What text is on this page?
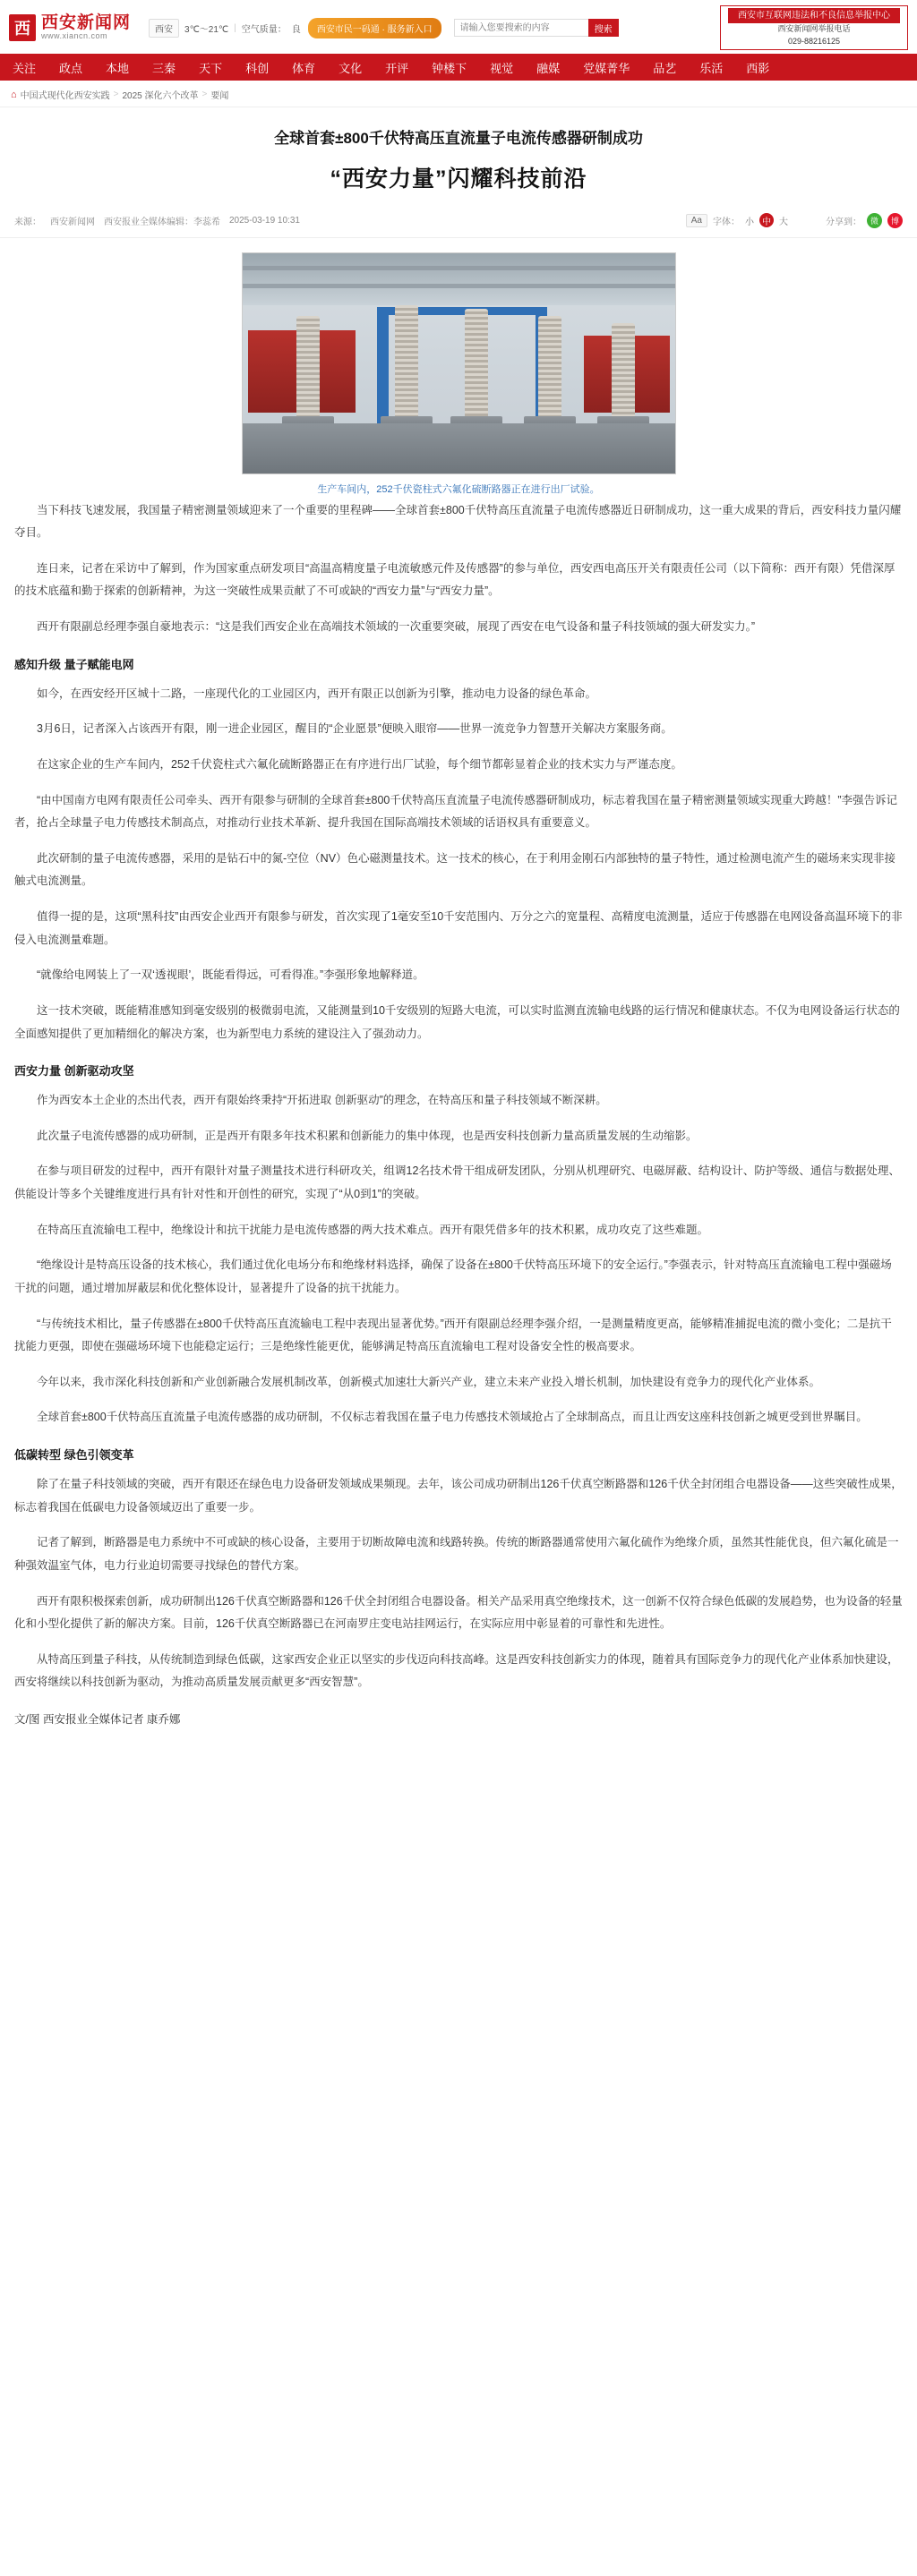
西 西安新闻网
www.xiancn.com
西安	3℃～21℃ | 空气质量： 良	西安市民一码通 · 服务新入口
请输入您要搜索的内容	搜索
西安市互联网违法和不良信息举报中心
西安新闻网举报电话
029-88216125
关注 政点 本地 三秦 天下 科创 体育 文化 开评 钟楼下 视觉 融媒 党媒菁华 品艺 乐活 西影
⌂ 中国式现代化西安实践 > 2025 深化六个改革 > 要闻
全球首套±800千伏特高压直流量子电流传感器研制成功
“西安力量”闪耀科技前沿
来源： 西安新闻网 西安报业全媒体编辑：李蕊希 2025-03-19 10:31	Aa	字体： 小 中 大	分享到：	微	博
生产车间内，252千伏瓷柱式六氟化硫断路器正在进行出厂试验。

当下科技飞速发展，我国量子精密测量领域迎来了一个重要的里程碑——全球首套±800千伏特高压直流量子电流传感器近日研制成功，这一重大成果的背后，西安科技力量闪耀夺目。

连日来，记者在采访中了解到，作为国家重点研发项目“高温高精度量子电流敏感元件及传感器”的参与单位，西安西电高压开关有限责任公司（以下简称：西开有限）凭借深厚的技术底蕴和勤于探索的创新精神，为这一突破性成果贡献了不可或缺的“西安力量”与“西安力量”。

西开有限副总经理李强自豪地表示：“这是我们西安企业在高端技术领域的一次重要突破，展现了西安在电气设备和量子科技领域的强大研发实力。”

感知升级 量子赋能电网

如今，在西安经开区城十二路，一座现代化的工业园区内，西开有限正以创新为引擎，推动电力设备的绿色革命。

3月6日，记者深入占该西开有限，刚一进企业园区，醒目的“企业愿景”便映入眼帘——世界一流竞争力智慧开关解决方案服务商。

在这家企业的生产车间内，252千伏瓷柱式六氟化硫断路器正在有序进行出厂试验，每个细节都彰显着企业的技术实力与严谨态度。

“由中国南方电网有限责任公司牵头、西开有限参与研制的全球首套±800千伏特高压直流量子电流传感器研制成功，标志着我国在量子精密测量领域实现重大跨越！”李强告诉记者，抢占全球量子电力传感技术制高点，对推动行业技术革新、提升我国在国际高端技术领域的话语权具有重要意义。

此次研制的量子电流传感器，采用的是钻石中的氮-空位（NV）色心磁测量技术。这一技术的核心，在于利用金刚石内部独特的量子特性，通过检测电流产生的磁场来实现非接触式电流测量。

值得一提的是，这项“黑科技”由西安企业西开有限参与研发，首次实现了1毫安至10千安范围内、万分之六的宽量程、高精度电流测量，适应于传感器在电网设备高温环境下的非侵入电流测量难题。

“就像给电网装上了一双‘透视眼’，既能看得远，可看得准。”李强形象地解释道。

这一技术突破，既能精准感知到毫安级别的极微弱电流，又能测量到10千安级别的短路大电流，可以实时监测直流输电线路的运行情况和健康状态。不仅为电网设备运行状态的全面感知提供了更加精细化的解决方案，也为新型电力系统的建设注入了强劲动力。

西安力量 创新驱动攻坚

作为西安本土企业的杰出代表，西开有限始终秉持“开拓进取 创新驱动”的理念，在特高压和量子科技领域不断深耕。

此次量子电流传感器的成功研制，正是西开有限多年技术积累和创新能力的集中体现，也是西安科技创新力量高质量发展的生动缩影。

在参与项目研发的过程中，西开有限针对量子测量技术进行科研攻关，组调12名技术骨干组成研发团队，分别从机理研究、电磁屏蔽、结构设计、防护等级、通信与数据处理、供能设计等多个关键维度进行具有针对性和开创性的研究，实现了“从0到1”的突破。

在特高压直流输电工程中，绝缘设计和抗干扰能力是电流传感器的两大技术难点。西开有限凭借多年的技术积累，成功攻克了这些难题。

“绝缘设计是特高压设备的技术核心，我们通过优化电场分布和绝缘材料选择，确保了设备在±800千伏特高压环境下的安全运行。”李强表示，针对特高压直流输电工程中强磁场干扰的问题，通过增加屏蔽层和优化整体设计，显著提升了设备的抗干扰能力。

“与传统技术相比，量子传感器在±800千伏特高压直流输电工程中表现出显著优势。”西开有限副总经理李强介绍，一是测量精度更高，能够精准捕捉电流的微小变化；二是抗干扰能力更强，即使在强磁场环境下也能稳定运行；三是绝缘性能更优，能够满足特高压直流输电工程对设备安全性的极高要求。

今年以来，我市深化科技创新和产业创新融合发展机制改革，创新模式加速壮大新兴产业，建立未来产业投入增长机制，加快建设有竞争力的现代化产业体系。

全球首套±800千伏特高压直流量子电流传感器的成功研制，不仅标志着我国在量子电力传感技术领域抢占了全球制高点，而且让西安这座科技创新之城更受到世界瞩目。

低碳转型 绿色引领变革

除了在量子科技领域的突破，西开有限还在绿色电力设备研发领域成果频现。去年，该公司成功研制出126千伏真空断路器和126千伏全封闭组合电器设备——这些突破性成果，标志着我国在低碳电力设备领域迈出了重要一步。

记者了解到，断路器是电力系统中不可或缺的核心设备，主要用于切断故障电流和线路转换。传统的断路器通常使用六氟化硫作为绝缘介质，虽然其性能优良，但六氟化硫是一种强效温室气体，电力行业迫切需要寻找绿色的替代方案。

西开有限积极探索创新，成功研制出126千伏真空断路器和126千伏全封闭组合电器设备。相关产品采用真空绝缘技术，这一创新不仅符合绿色低碳的发展趋势，也为设备的轻量化和小型化提供了新的解决方案。目前，126千伏真空断路器已在河南罗庄变电站挂网运行，在实际应用中彰显着的可靠性和先进性。

从特高压到量子科技，从传统制造到绿色低碳，这家西安企业正以坚实的步伐迈向科技高峰。这是西安科技创新实力的体现，随着具有国际竞争力的现代化产业体系加快建设，西安将继续以科技创新为驱动，为推动高质量发展贡献更多“西安智慧”。

文/图 西安报业全媒体记者 康乔娜
